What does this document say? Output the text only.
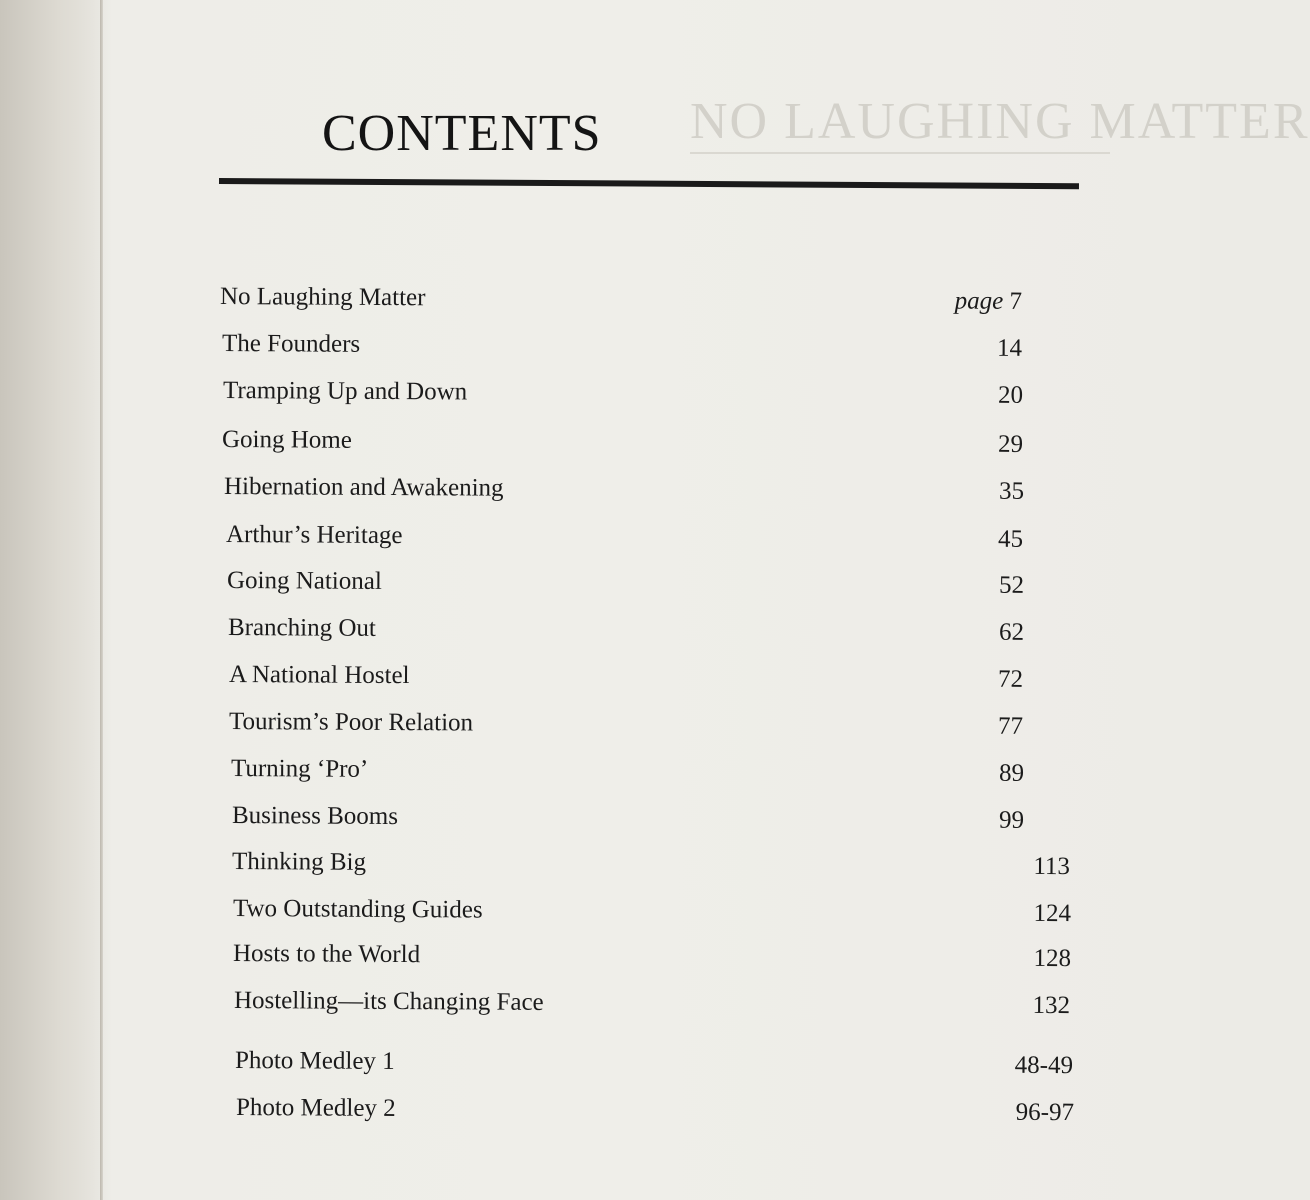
NO LAUGHING MATTER
CONTENTS
No Laughing Matter	page 7
The Founders	14
Tramping Up and Down	20
Going Home	29
Hibernation and Awakening	35
Arthur’s Heritage	45
Going National	52
Branching Out	62
A National Hostel	72
Tourism’s Poor Relation	77
Turning ‘Pro’	89
Business Booms	99
Thinking Big	113
Two Outstanding Guides	124
Hosts to the World	128
Hostelling—its Changing Face	132
Photo Medley 1	48-49
Photo Medley 2	96-97
